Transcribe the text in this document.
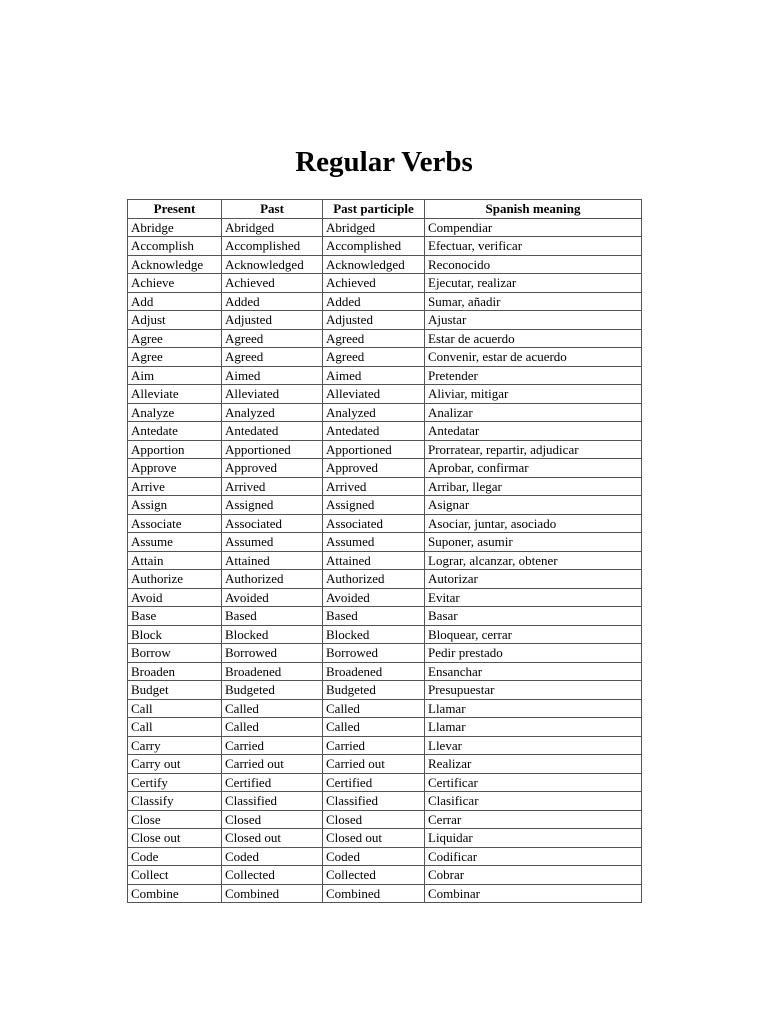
Regular Verbs
Present	Past	Past participle	Spanish meaning
Abridge	Abridged	Abridged	Compendiar
Accomplish	Accomplished	Accomplished	Efectuar, verificar
Acknowledge	Acknowledged	Acknowledged	Reconocido
Achieve	Achieved	Achieved	Ejecutar, realizar
Add	Added	Added	Sumar, añadir
Adjust	Adjusted	Adjusted	Ajustar
Agree	Agreed	Agreed	Estar de acuerdo
Agree	Agreed	Agreed	Convenir, estar de acuerdo
Aim	Aimed	Aimed	Pretender
Alleviate	Alleviated	Alleviated	Aliviar, mitigar
Analyze	Analyzed	Analyzed	Analizar
Antedate	Antedated	Antedated	Antedatar
Apportion	Apportioned	Apportioned	Prorratear, repartir, adjudicar
Approve	Approved	Approved	Aprobar, confirmar
Arrive	Arrived	Arrived	Arribar, llegar
Assign	Assigned	Assigned	Asignar
Associate	Associated	Associated	Asociar, juntar, asociado
Assume	Assumed	Assumed	Suponer, asumir
Attain	Attained	Attained	Lograr, alcanzar, obtener
Authorize	Authorized	Authorized	Autorizar
Avoid	Avoided	Avoided	Evitar
Base	Based	Based	Basar
Block	Blocked	Blocked	Bloquear, cerrar
Borrow	Borrowed	Borrowed	Pedir prestado
Broaden	Broadened	Broadened	Ensanchar
Budget	Budgeted	Budgeted	Presupuestar
Call	Called	Called	Llamar
Call	Called	Called	Llamar
Carry	Carried	Carried	Llevar
Carry out	Carried out	Carried out	Realizar
Certify	Certified	Certified	Certificar
Classify	Classified	Classified	Clasificar
Close	Closed	Closed	Cerrar
Close out	Closed out	Closed out	Liquidar
Code	Coded	Coded	Codificar
Collect	Collected	Collected	Cobrar
Combine	Combined	Combined	Combinar
